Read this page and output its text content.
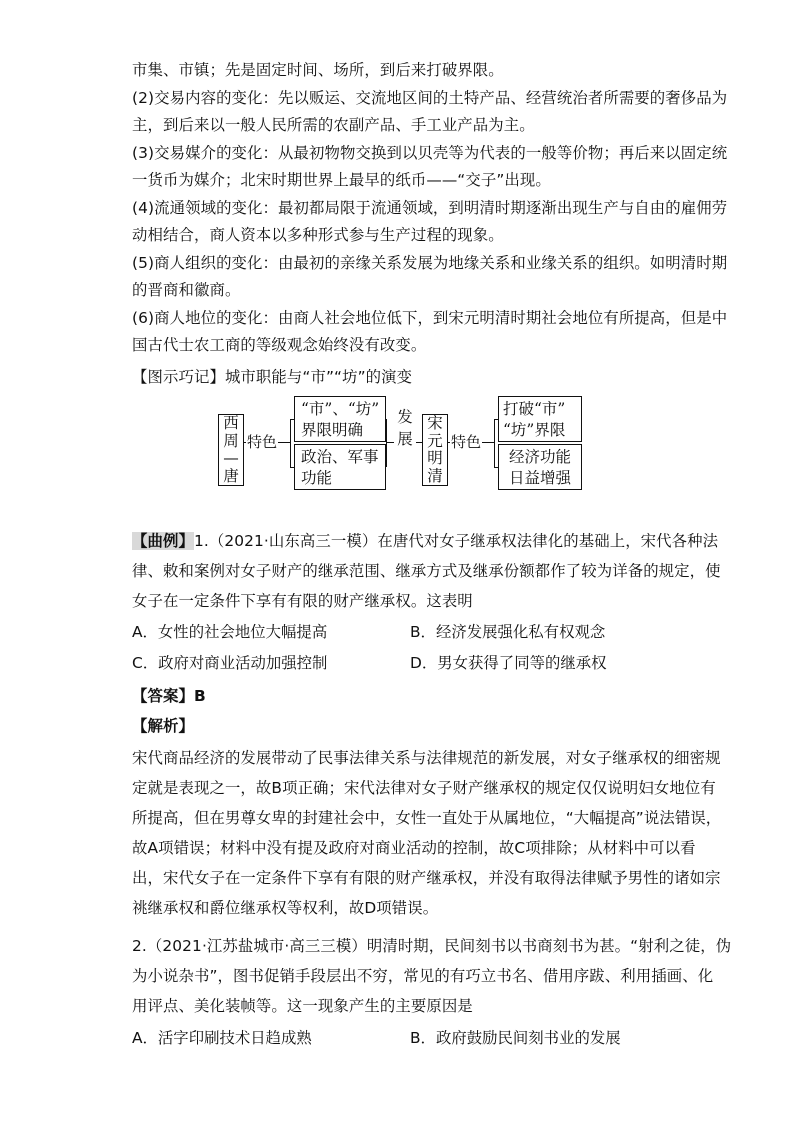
市集、市镇；先是固定时间、场所，到后来打破界限。
(2)交易内容的变化：先以贩运、交流地区间的土特产品、经营统治者所需要的奢侈品为
主，到后来以一般人民所需的农副产品、手工业产品为主。
(3)交易媒介的变化：从最初物物交换到以贝壳等为代表的一般等价物；再后来以固定统
一货币为媒介；北宋时期世界上最早的纸币——“交子”出现。
(4)流通领域的变化：最初都局限于流通领域，到明清时期逐渐出现生产与自由的雇佣劳
动相结合，商人资本以多种形式参与生产过程的现象。
(5)商人组织的变化：由最初的亲缘关系发展为地缘关系和业缘关系的组织。如明清时期
的晋商和徽商。
(6)商人地位的变化：由商人社会地位低下，到宋元明清时期社会地位有所提高，但是中
国古代士农工商的等级观念始终没有改变。
【图示巧记】城市职能与“市”“坊”的演变
西
周
—
唐
特色
“市”、“坊”
界限明确
政治、军事
功能
发
展
宋
元
明
清
特色
打破“市”
“坊”界限
经济功能
日益增强
【曲例】1.（2021·山东高三一模）在唐代对女子继承权法律化的基础上，宋代各种法
律、敕和案例对女子财产的继承范围、继承方式及继承份额都作了较为详备的规定，使
女子在一定条件下享有有限的财产继承权。这表明
A．女性的社会地位大幅提高	B．经济发展强化私有权观念
C．政府对商业活动加强控制	D．男女获得了同等的继承权
【答案】B
【解析】
宋代商品经济的发展带动了民事法律关系与法律规范的新发展，对女子继承权的细密规
定就是表现之一，故B项正确；宋代法律对女子财产继承权的规定仅仅说明妇女地位有
所提高，但在男尊女卑的封建社会中，女性一直处于从属地位，“大幅提高”说法错误，
故A项错误；材料中没有提及政府对商业活动的控制，故C项排除；从材料中可以看
出，宋代女子在一定条件下享有有限的财产继承权，并没有取得法律赋予男性的诸如宗
祧继承权和爵位继承权等权利，故D项错误。
2.（2021·江苏盐城市·高三三模）明清时期，民间刻书以书商刻书为甚。“射利之徒，伪
为小说杂书”，图书促销手段层出不穷，常见的有巧立书名、借用序跋、利用插画、化
用评点、美化装帧等。这一现象产生的主要原因是
A．活字印刷技术日趋成熟	B．政府鼓励民间刻书业的发展
